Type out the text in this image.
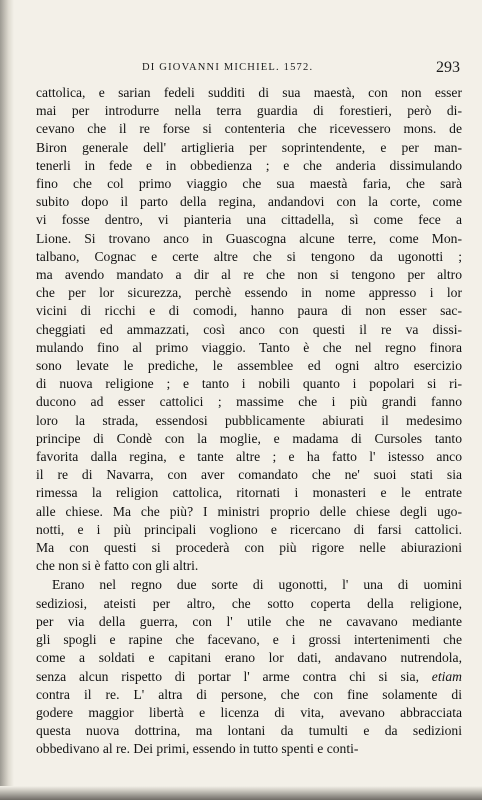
DI GIOVANNI MICHIEL. 1572.	293

cattolica, e sarian fedeli sudditi di sua maestà, con non esser
mai per introdurre nella terra guardia di forestieri, però di-
cevano che il re forse si contenteria che ricevessero mons. de
Biron generale dell' artiglieria per soprintendente, e per man-
tenerli in fede e in obbedienza ; e che anderia dissimulando
fino che col primo viaggio che sua maestà faria, che sarà
subito dopo il parto della regina, andandovi con la corte, come
vi fosse dentro, vi pianteria una cittadella, sì come fece a
Lione. Si trovano anco in Guascogna alcune terre, come Mon-
talbano, Cognac e certe altre che si tengono da ugonotti ;
ma avendo mandato a dir al re che non si tengono per altro
che per lor sicurezza, perchè essendo in nome appresso i lor
vicini di ricchi e di comodi, hanno paura di non esser sac-
cheggiati ed ammazzati, così anco con questi il re va dissi-
mulando fino al primo viaggio. Tanto è che nel regno finora
sono levate le prediche, le assemblee ed ogni altro esercizio
di nuova religione ; e tanto i nobili quanto i popolari si ri-
ducono ad esser cattolici ; massime che i più grandi fanno
loro la strada, essendosi pubblicamente abiurati il medesimo
principe di Condè con la moglie, e madama di Cursoles tanto
favorita dalla regina, e tante altre ; e ha fatto l' istesso anco
il re di Navarra, con aver comandato che ne' suoi stati sia
rimessa la religion cattolica, ritornati i monasteri e le entrate
alle chiese. Ma che più? I ministri proprio delle chiese degli ugo-
notti, e i più principali vogliono e ricercano di farsi cattolici.
Ma con questi si procederà con più rigore nelle abiurazioni
che non si è fatto con gli altri.

Erano nel regno due sorte di ugonotti, l' una di uomini
sediziosi, ateisti per altro, che sotto coperta della religione,
per via della guerra, con l' utile che ne cavavano mediante
gli spogli e rapine che facevano, e i grossi intertenimenti che
come a soldati e capitani erano lor dati, andavano nutrendola,
senza alcun rispetto di portar l' arme contra chi si sia, etiam
contra il re. L' altra di persone, che con fine solamente di
godere maggior libertà e licenza di vita, avevano abbracciata
questa nuova dottrina, ma lontani da tumulti e da sedizioni
obbedivano al re. Dei primi, essendo in tutto spenti e conti-
